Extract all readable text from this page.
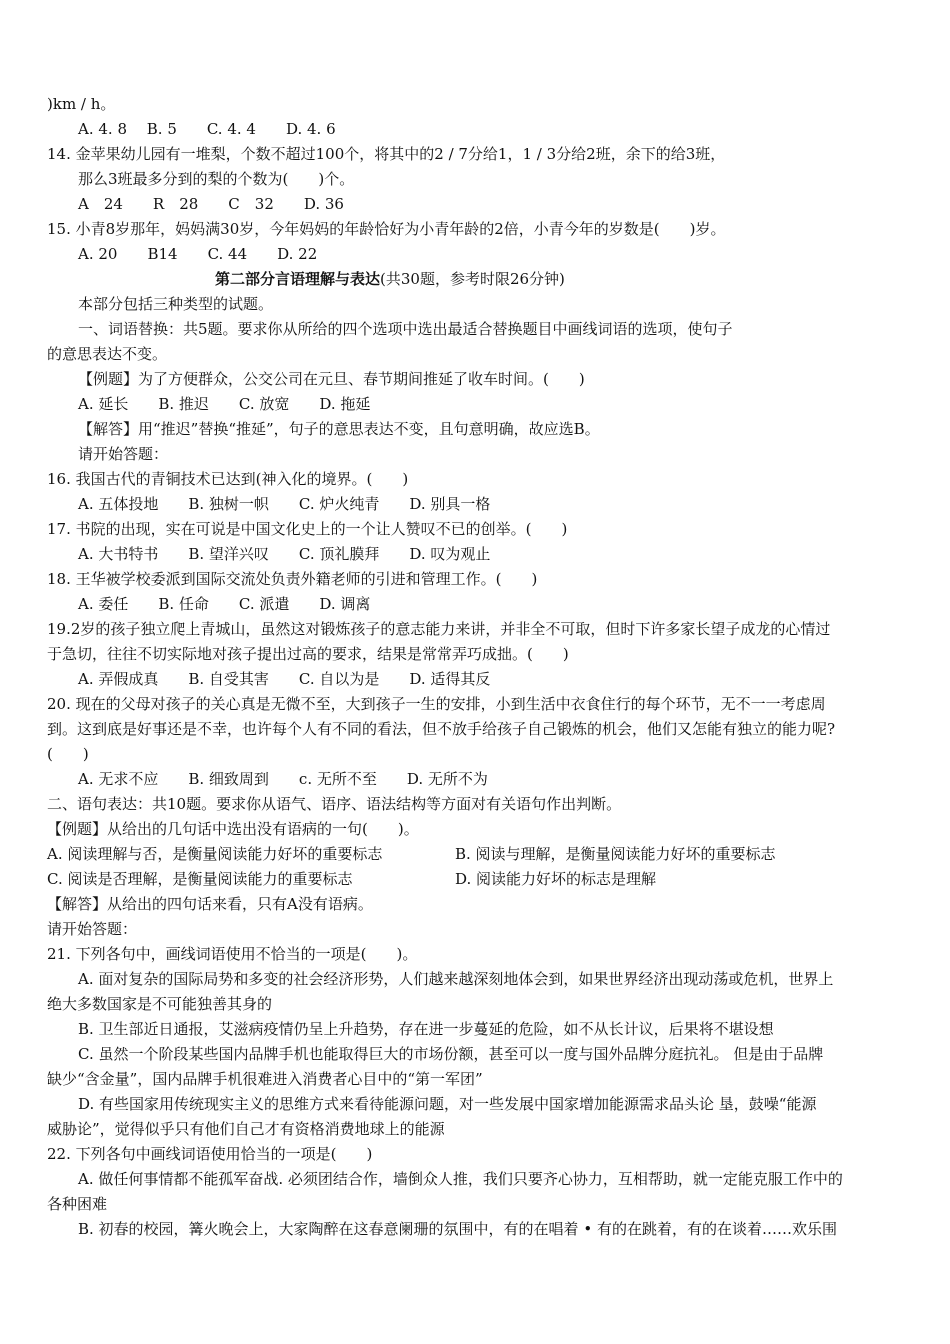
)km / h。
A. 4. 8　 B. 5　　C. 4. 4　　D. 4. 6
14. 金苹果幼儿园有一堆梨，个数不超过100个，将其中的2 / 7分给1，1 / 3分给2班，余下的给3班，
那么3班最多分到的梨的个数为(　　)个。
A　24　　R　28　　C　32　　D. 36
15. 小青8岁那年，妈妈满30岁，今年妈妈的年龄恰好为小青年龄的2倍，小青今年的岁数是(　　)岁。
A. 20　　B14　　C. 44　　D. 22
第二部分言语理解与表达(共30题，参考时限26分钟)
本部分包括三种类型的试题。
一、词语替换：共5题。要求你从所给的四个选项中选出最适合替换题目中画线词语的选项，使句子
的意思表达不变。
【例题】为了方便群众，公交公司在元旦、春节期间推延了收车时间。(　　)
A. 延长　　B. 推迟　　C. 放宽　　D. 拖延
【解答】用“推迟”替换“推延”，句子的意思表达不变，且句意明确，故应选B。
请开始答题：
16. 我国古代的青铜技术已达到(神入化的境界。(　　)
A. 五体投地　　B. 独树一帜　　C. 炉火纯青　　D. 别具一格
17. 书院的出现，实在可说是中国文化史上的一个让人赞叹不已的创举。(　　)
A. 大书特书　　B. 望洋兴叹　　C. 顶礼膜拜　　D. 叹为观止
18. 王华被学校委派到国际交流处负责外籍老师的引进和管理工作。(　　)
A. 委任　　B. 任命　　C. 派遣　　D. 调离
19.2岁的孩子独立爬上青城山，虽然这对锻炼孩子的意志能力来讲，并非全不可取，但时下许多家长望子成龙的心情过
于急切，往往不切实际地对孩子提出过高的要求，结果是常常弄巧成拙。(　　)
A. 弄假成真　　B. 自受其害　　C. 自以为是　　D. 适得其反
20. 现在的父母对孩子的关心真是无微不至，大到孩子一生的安排，小到生活中衣食住行的每个环节，无不一一考虑周
到。这到底是好事还是不幸，也许每个人有不同的看法，但不放手给孩子自己锻炼的机会，他们又怎能有独立的能力呢?
(　　)
A. 无求不应　　B. 细致周到　　c. 无所不至　　D. 无所不为
二、语句表达：共10题。要求你从语气、语序、语法结构等方面对有关语句作出判断。
【例题】从给出的几句话中选出没有语病的一句(　　)。
A. 阅读理解与否，是衡量阅读能力好坏的重要标志	B. 阅读与理解，是衡量阅读能力好坏的重要标志
C. 阅读是否理解，是衡量阅读能力的重要标志	D. 阅读能力好坏的标志是理解
【解答】从给出的四句话来看，只有A没有语病。
请开始答题：
21. 下列各句中，画线词语使用不恰当的一项是(　　)。
A. 面对复杂的国际局势和多变的社会经济形势，人们越来越深刻地体会到，如果世界经济出现动荡或危机，世界上
绝大多数国家是不可能独善其身的
B. 卫生部近日通报，艾滋病疫情仍呈上升趋势，存在进一步蔓延的危险，如不从长计议，后果将不堪设想
C. 虽然一个阶段某些国内品牌手机也能取得巨大的市场份额，甚至可以一度与国外品牌分庭抗礼。 但是由于品牌
缺少“含金量”，国内品牌手机很难进入消费者心目中的“第一军团”
D. 有些国家用传统现实主义的思维方式来看待能源问题，对一些发展中国家增加能源需求品头论 垦，鼓噪“能源
威胁论”，觉得似乎只有他们自己才有资格消费地球上的能源
22. 下列各句中画线词语使用恰当的一项是(　　)
A. 做任何事情都不能孤军奋战. 必须团结合作，墙倒众人推，我们只要齐心协力，互相帮助，就一定能克服工作中的
各种困难
B. 初春的校园，篝火晚会上，大家陶醉在这春意阑珊的氛围中，有的在唱着 • 有的在跳着，有的在谈着……欢乐围
